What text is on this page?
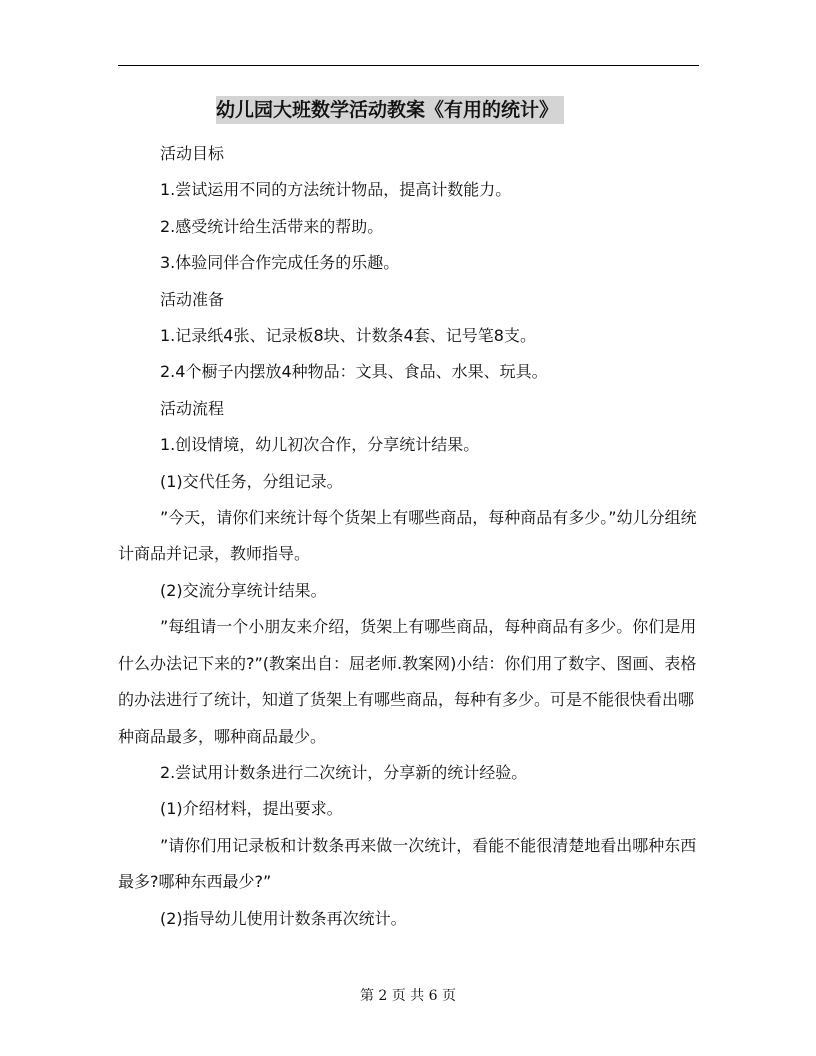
幼儿园大班数学活动教案《有用的统计》

活动目标

1.尝试运用不同的方法统计物品，提高计数能力。

2.感受统计给生活带来的帮助。

3.体验同伴合作完成任务的乐趣。

活动准备

1.记录纸4张、记录板8块、计数条4套、记号笔8支。

2.4个橱子内摆放4种物品：文具、食品、水果、玩具。

活动流程

1.创设情境，幼儿初次合作，分享统计结果。

(1)交代任务，分组记录。

”今天，请你们来统计每个货架上有哪些商品，每种商品有多少。”幼儿分组统计商品并记录，教师指导。

(2)交流分享统计结果。

”每组请一个小朋友来介绍，货架上有哪些商品，每种商品有多少。你们是用什么办法记下来的?”(教案出自：屈老师.教案网)小结：你们用了数字、图画、表格的办法进行了统计，知道了货架上有哪些商品，每种有多少。可是不能很快看出哪种商品最多，哪种商品最少。

2.尝试用计数条进行二次统计，分享新的统计经验。

(1)介绍材料，提出要求。

”请你们用记录板和计数条再来做一次统计，看能不能很清楚地看出哪种东西最多?哪种东西最少?”

(2)指导幼儿使用计数条再次统计。

第 2 页 共 6 页
